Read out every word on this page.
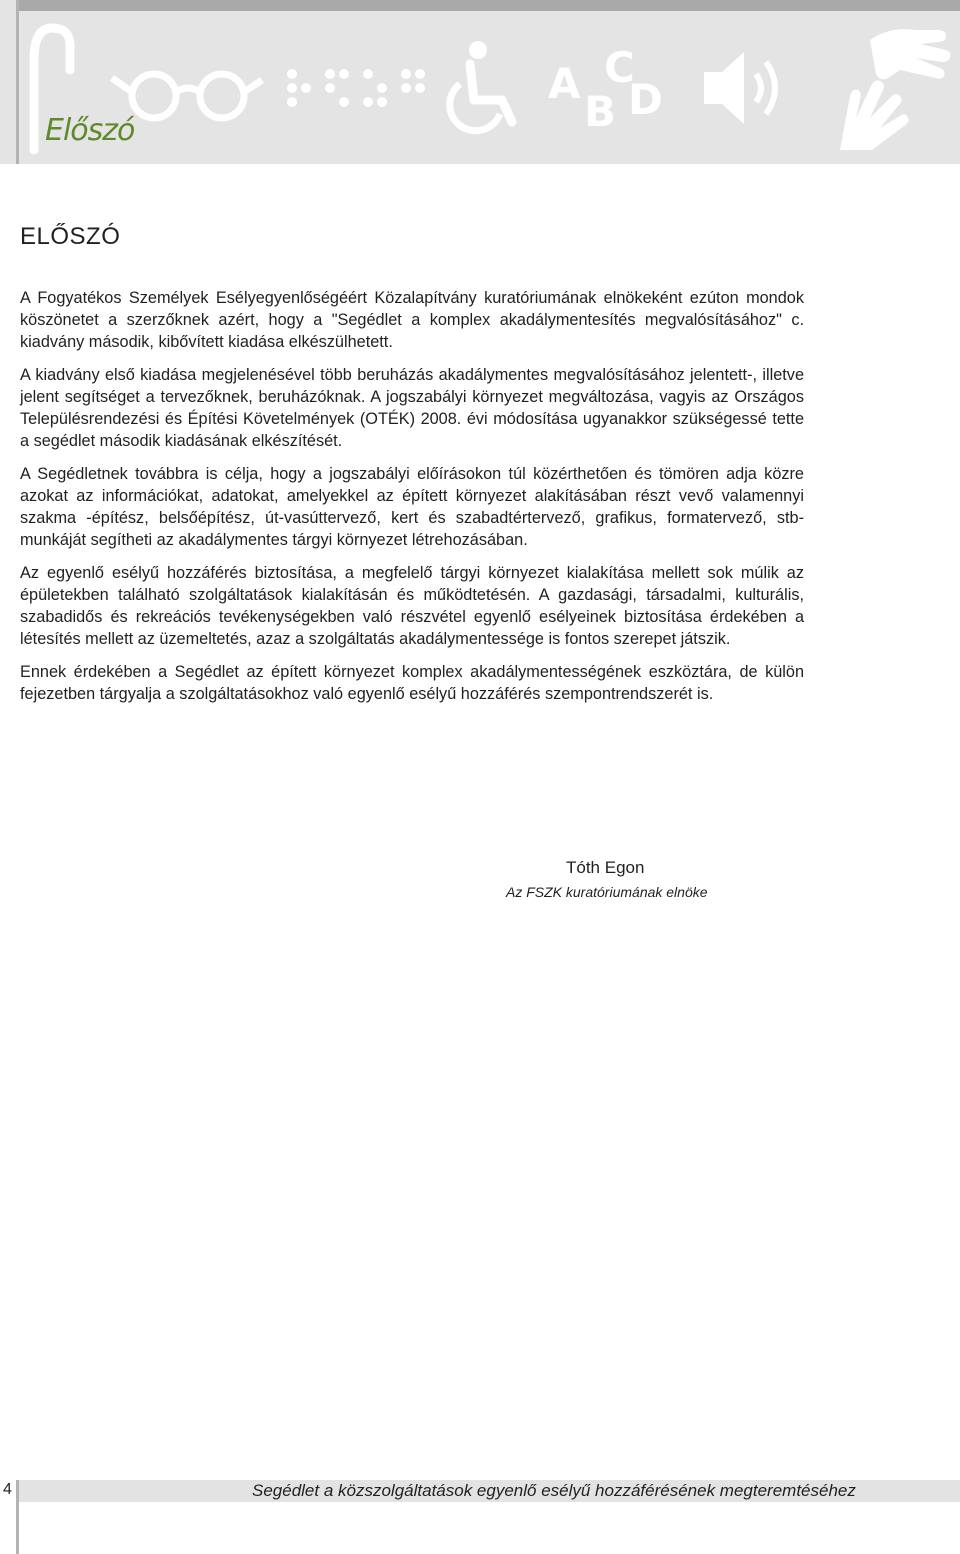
A
B
C
D
Előszó
ELŐSZÓ

A Fogyatékos Személyek Esélyegyenlőségéért Közalapítvány kuratóriumának elnökeként ezúton mondok köszönetet a szerzőknek azért, hogy a "Segédlet a komplex akadálymentesítés megvalósításához" c. kiadvány második, kibővített kiadása elkészülhetett.

A kiadvány első kiadása megjelenésével több beruházás akadálymentes megvalósításához jelentett-, illetve jelent segítséget a tervezőknek, beruházóknak. A jogszabályi környezet megváltozása, vagyis az Országos Településrendezési és Építési Követelmények (OTÉK) 2008. évi módosítása ugyanakkor szükségessé tette a segédlet második kiadásának elkészítését.

A Segédletnek továbbra is célja, hogy a jogszabályi előírásokon túl közérthetően és tömören adja közre azokat az információkat, adatokat, amelyekkel az épített környezet alakításában részt vevő valamennyi szakma -építész, belsőépítész, út-vasúttervező, kert és szabadtértervező, grafikus, formatervező, stb- munkáját segítheti az akadálymentes tárgyi környezet létrehozásában.

Az egyenlő esélyű hozzáférés biztosítása, a megfelelő tárgyi környezet kialakítása mellett sok múlik az épületekben található szolgáltatások kialakításán és működtetésén. A gazdasági, társadalmi, kulturális, szabadidős és rekreációs tevékenységekben való részvétel egyenlő esélyeinek biztosítása érdekében a létesítés mellett az üzemeltetés, azaz a szolgáltatás akadálymentessége is fontos szerepet játszik.

Ennek érdekében a Segédlet az épített környezet komplex akadálymentességének eszköztára, de külön fejezetben tárgyalja a szolgáltatásokhoz való egyenlő esélyű hozzáférés szempontrendszerét is.

Tóth Egon
Az FSZK kuratóriumának elnöke
4	Segédlet a közszolgáltatások egyenlő esélyű hozzáférésének megteremtéséhez
